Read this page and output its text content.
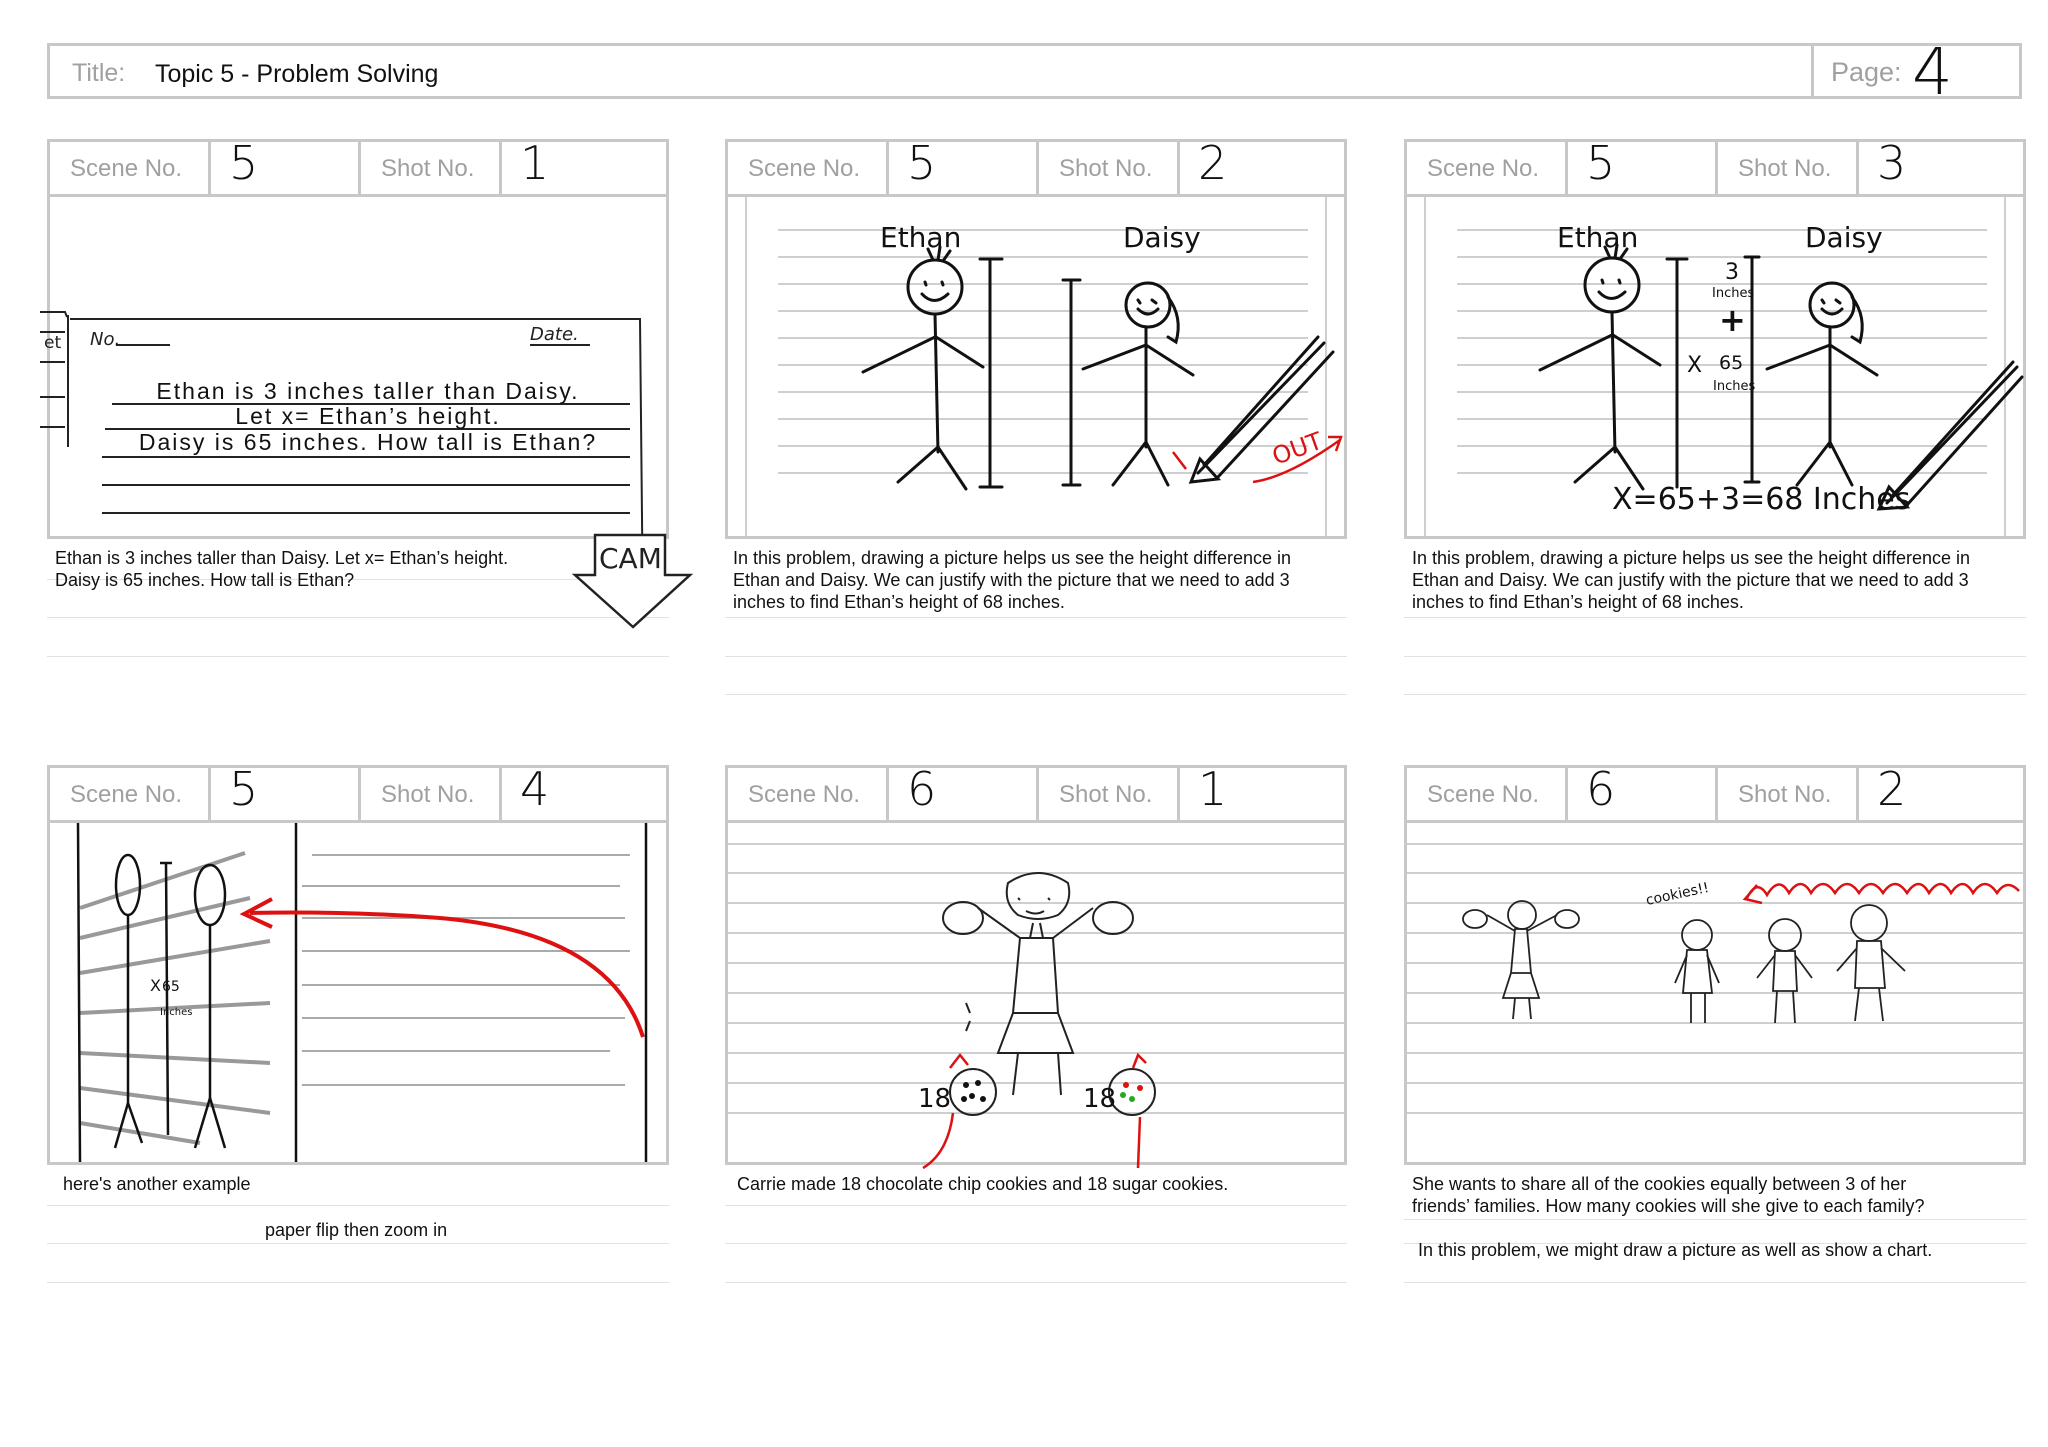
Title: Topic 5 - Problem Solving	Page: 4
Scene No. 5	Shot No. 1
No.	Date.
et
Ethan is 3 inches taller than Daisy.
Let x= Ethan’s height.
Daisy is 65 inches. How tall is Ethan?
Ethan is 3 inches taller than Daisy. Let x= Ethan’s height.
Daisy is 65 inches. How tall is Ethan?
CAM
Scene No. 5	Shot No. 2
Ethan	Daisy
OUT
In this problem, drawing a picture helps us see the height difference in
Ethan and Daisy. We can justify with the picture that we need to add 3
inches to find Ethan’s height of 68 inches.
Scene No. 5	Shot No. 3
Ethan	Daisy
3
Inches
+
X 65
Inches
X=65+3=68 Inches
In this problem, drawing a picture helps us see the height difference in
Ethan and Daisy. We can justify with the picture that we need to add 3
inches to find Ethan’s height of 68 inches.
Scene No. 5	Shot No. 4
X 65
Inches
here's another example
paper flip then zoom in
Scene No. 6	Shot No. 1
18	18
Carrie made 18 chocolate chip cookies and 18 sugar cookies.
Scene No. 6	Shot No. 2
cookies!!
She wants to share all of the cookies equally between 3 of her
friends’ families. How many cookies will she give to each family?
In this problem, we might draw a picture as well as show a chart.
